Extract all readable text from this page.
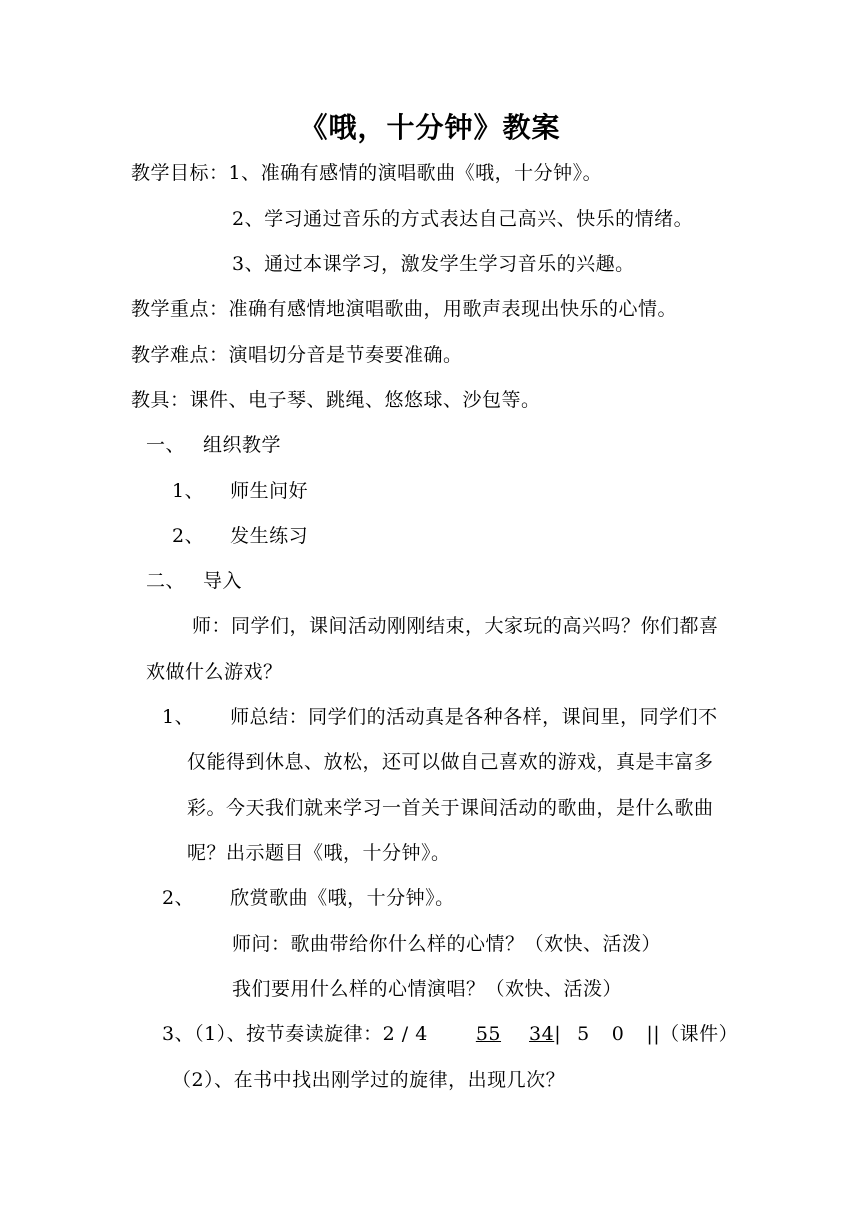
《哦，十分钟》教案
教学目标：1、准确有感情的演唱歌曲《哦，十分钟》。
2、学习通过音乐的方式表达自己高兴、快乐的情绪。
3、通过本课学习，激发学生学习音乐的兴趣。
教学重点：准确有感情地演唱歌曲，用歌声表现出快乐的心情。
教学难点：演唱切分音是节奏要准确。
教具：课件、电子琴、跳绳、悠悠球、沙包等。
一、 组织教学
1、 师生问好
2、 发生练习
二、 导入
师：同学们，课间活动刚刚结束，大家玩的高兴吗？你们都喜
欢做什么游戏？
1、 师总结：同学们的活动真是各种各样，课间里，同学们不
仅能得到休息、放松，还可以做自己喜欢的游戏，真是丰富多
彩。今天我们就来学习一首关于课间活动的歌曲，是什么歌曲
呢？出示题目《哦，十分钟》。
2、 欣赏歌曲《哦，十分钟》。
师问：歌曲带给你什么样的心情？（欢快、活泼）
我们要用什么样的心情演唱？（欢快、活泼）
3、（1）、按节奏读旋律：2 / 4	55 34| 5 0 ||（课件）
（2）、在书中找出刚学过的旋律，出现几次？
